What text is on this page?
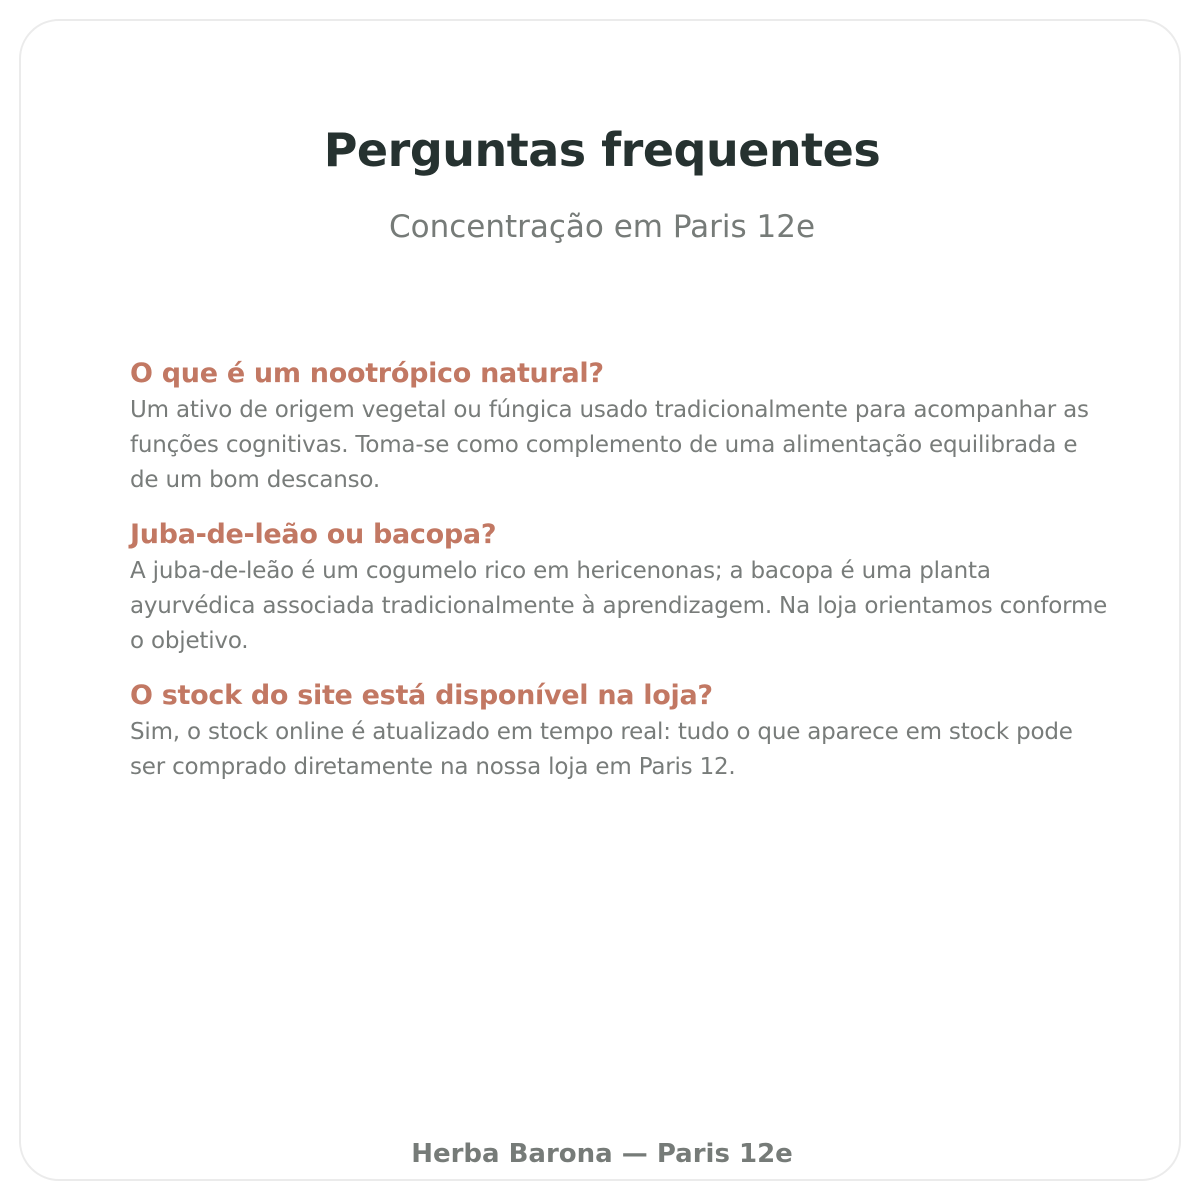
Perguntas frequentes

Concentração em Paris 12e

O que é um nootrópico natural?

Um ativo de origem vegetal ou fúngica usado tradicionalmente para acompanhar as funções cognitivas. Toma-se como complemento de uma alimentação equilibrada e de um bom descanso.

Juba-de-leão ou bacopa?

A juba-de-leão é um cogumelo rico em hericenonas; a bacopa é uma planta ayurvédica associada tradicionalmente à aprendizagem. Na loja orientamos conforme o objetivo.

O stock do site está disponível na loja?

Sim, o stock online é atualizado em tempo real: tudo o que aparece em stock pode ser comprado diretamente na nossa loja em Paris 12.

Herba Barona — Paris 12e
